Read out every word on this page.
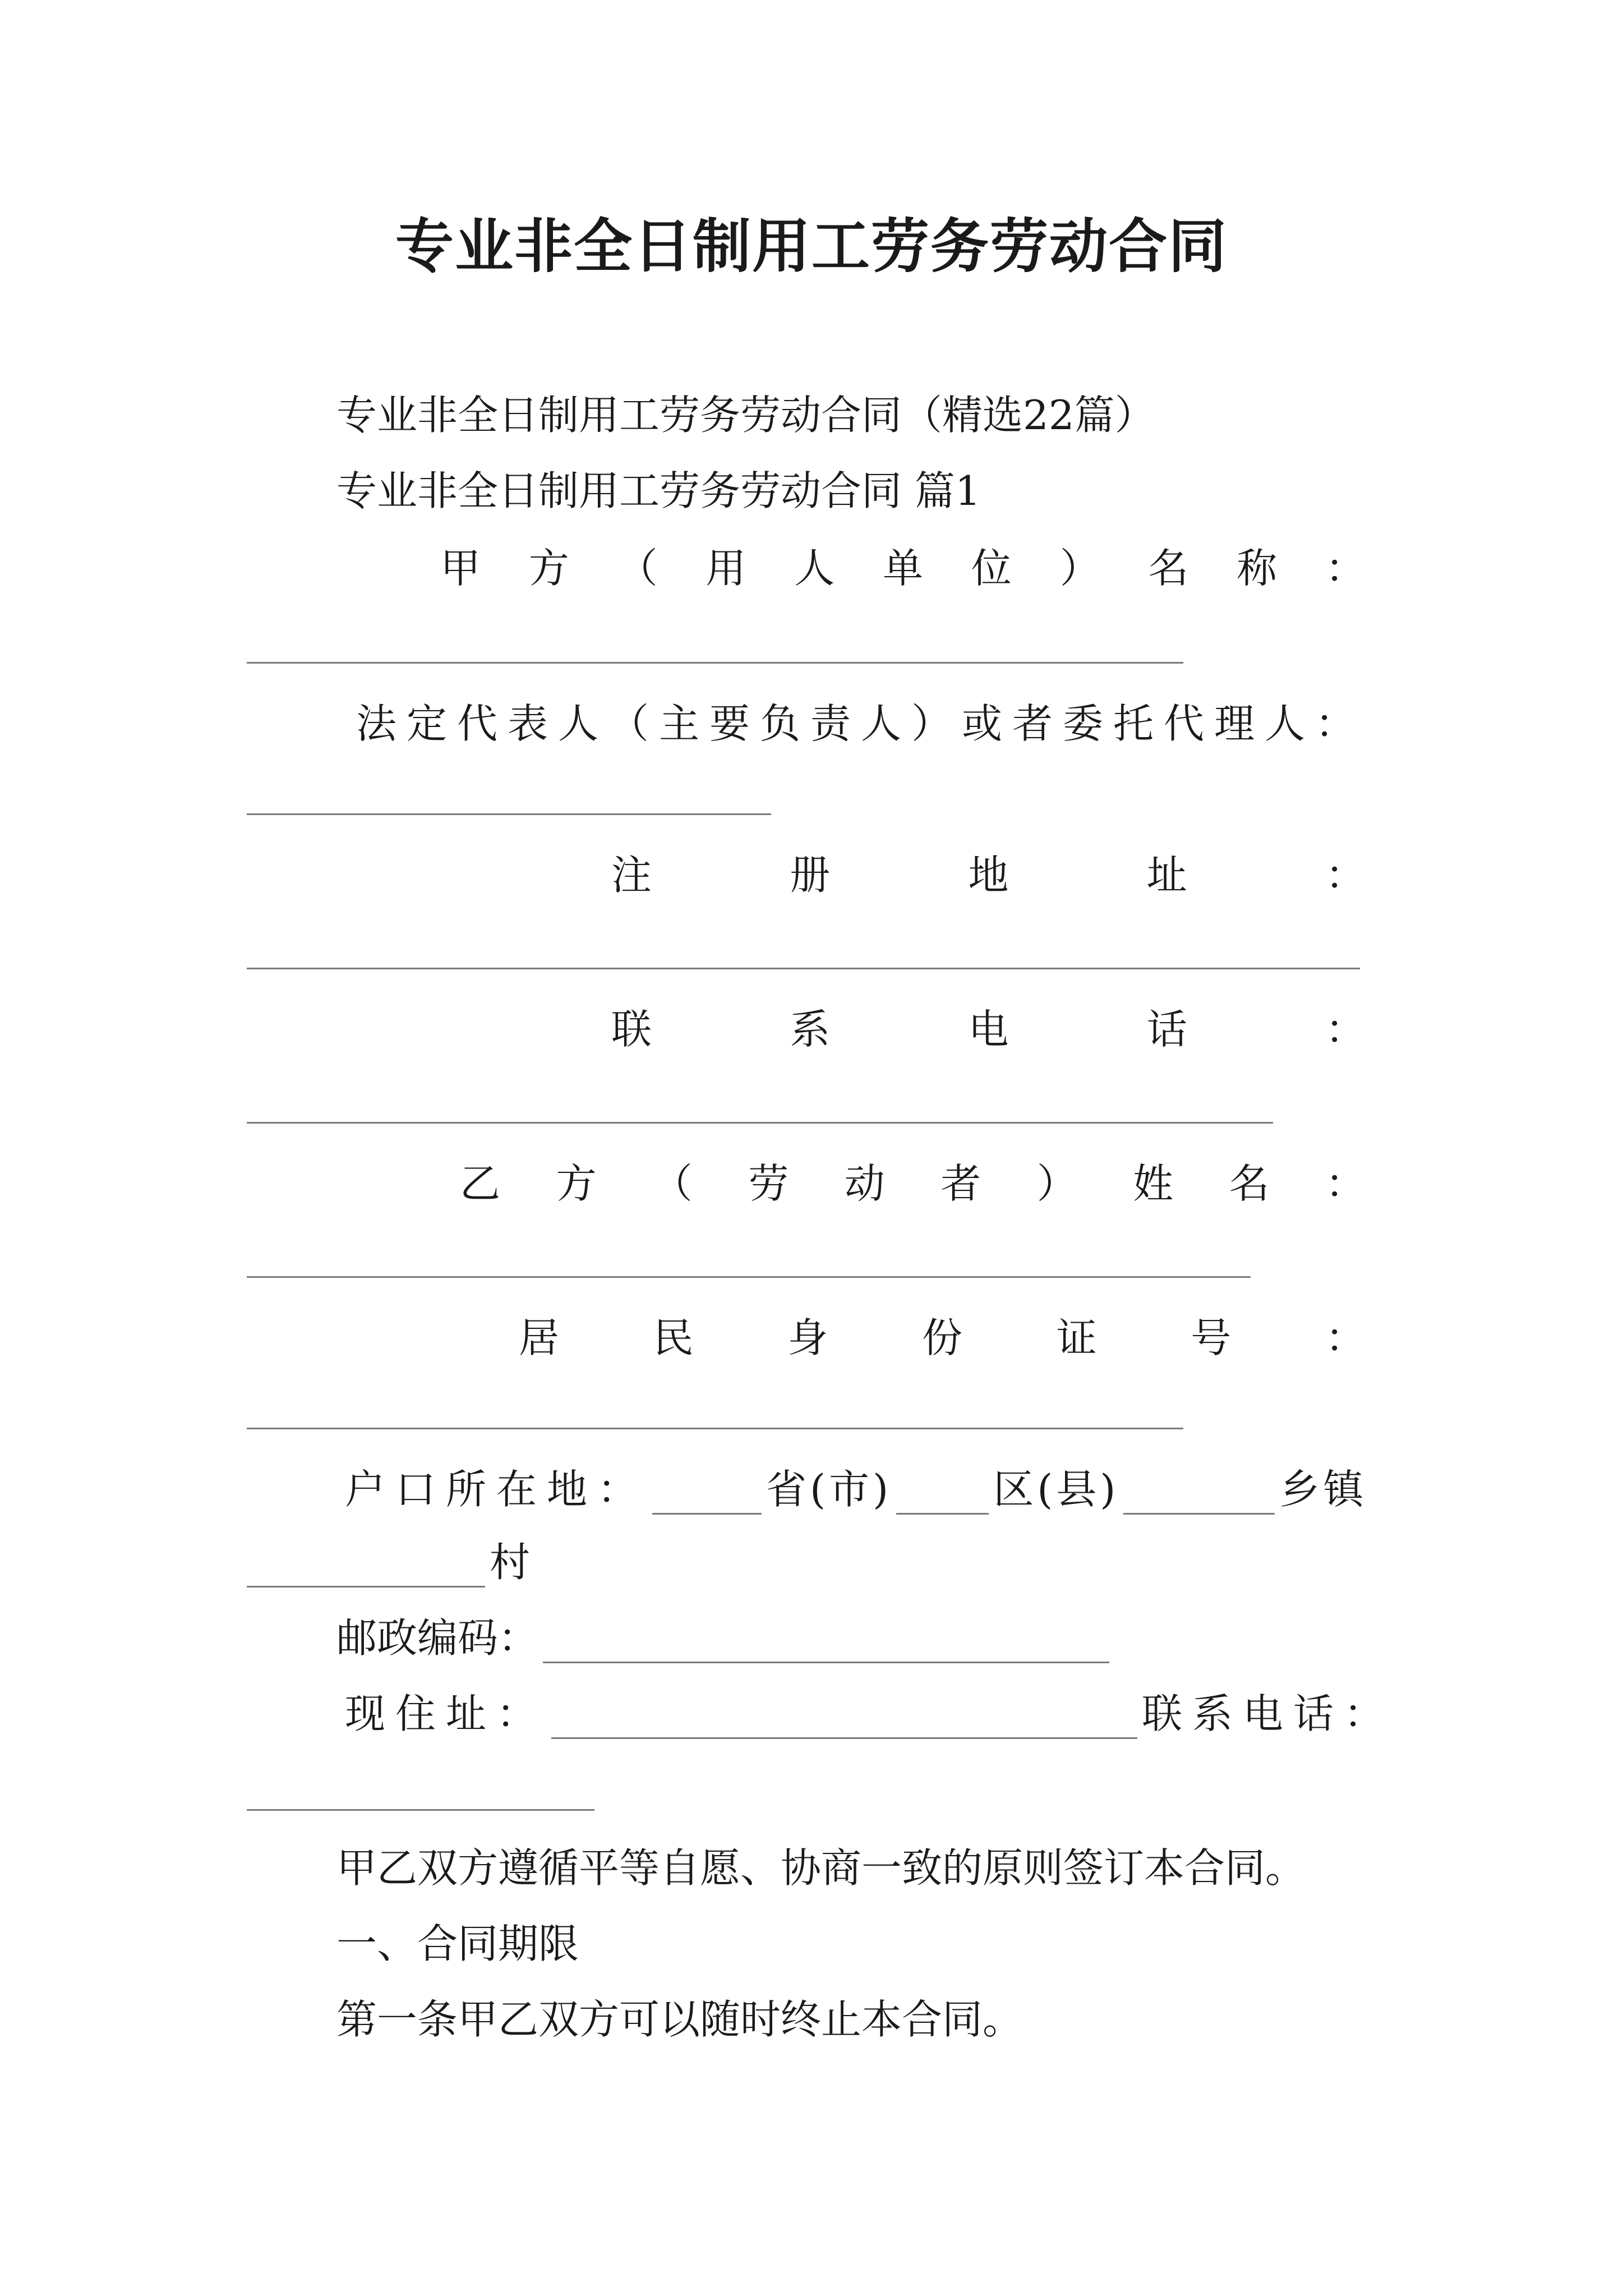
专业非全日制用工劳务劳动合同
专业非全日制用工劳务劳动合同（精选22篇）
专业非全日制用工劳务劳动合同 篇1
甲 方 （ 用 人 单 位 ） 名 称 ：
法定代表人（主要负责人）或者委托代理人：
注	册	地	址	：
联	系	电	话	：
乙 方 （ 劳 动 者 ） 姓 名 ：
居 民 身 份 证 号 ：
户口所在地：	省(市)	区(县)	乡镇
村
邮政编码：
现住址：	联系电话：
甲乙双方遵循平等自愿、协商一致的原则签订本合同。
一、合同期限
第一条甲乙双方可以随时终止本合同。
